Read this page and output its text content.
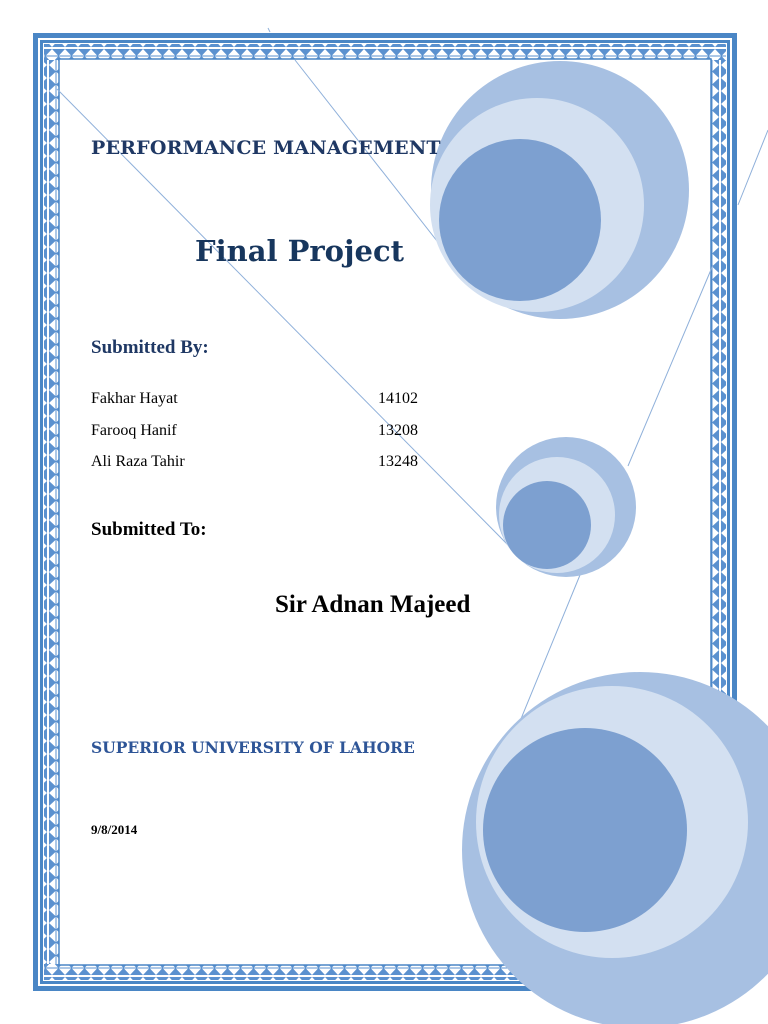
PERFORMANCE MANAGEMENT
Final Project
Submitted By:
Fakhar Hayat	14102
Farooq Hanif	13208
Ali Raza Tahir	13248
Submitted To:
Sir Adnan Majeed
SUPERIOR UNIVERSITY OF LAHORE
9/8/2014
